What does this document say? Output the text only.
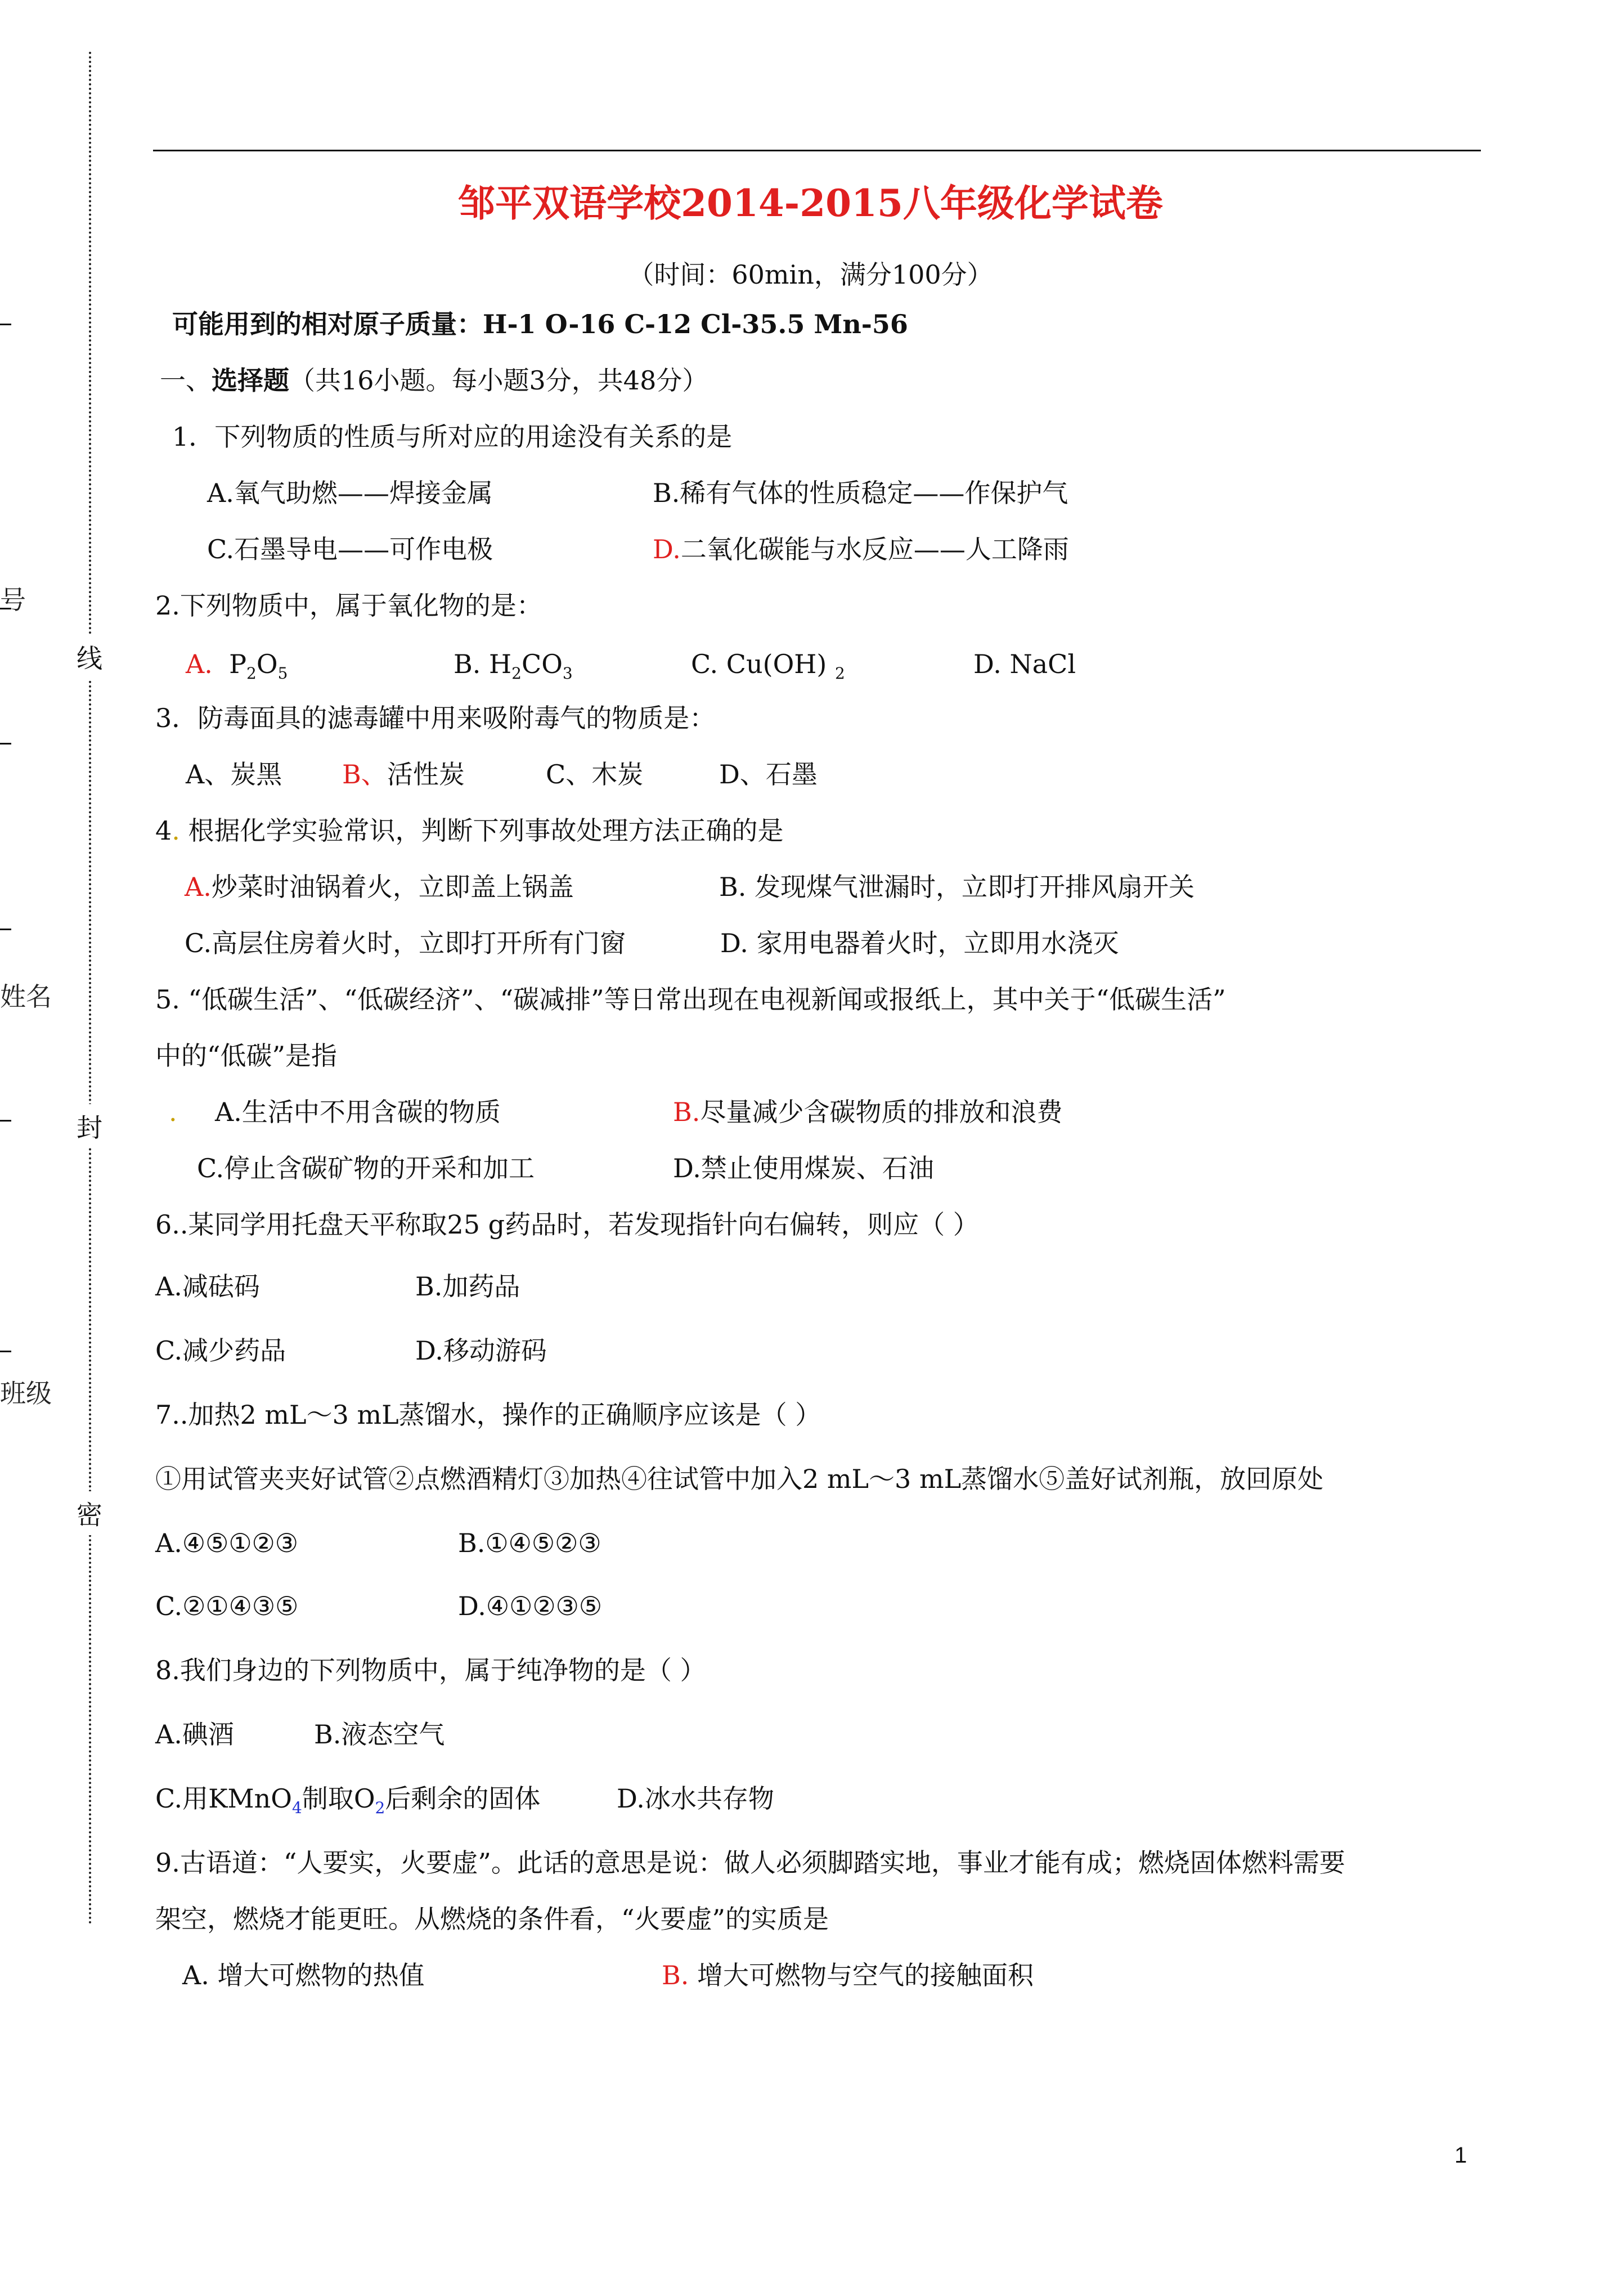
号
姓名
班级
线
封
密
邹平双语学校2014-2015八年级化学试卷
（时间：60min，满分100分）
可能用到的相对原子质量：H-1 O-16 C-12 Cl-35.5 Mn-56
一、选择题（共16小题。每小题3分，共48分）
1．下列物质的性质与所对应的用途没有关系的是
A.氧气助燃——焊接金属	B.稀有气体的性质稳定——作保护气
C.石墨导电——可作电极	D.二氧化碳能与水反应——人工降雨
2.下列物质中，属于氧化物的是：
A. $P_2O_5$	B. $H_2CO_3$	C. Cu(OH) $_2$	D. NaCl
3．防毒面具的滤毒罐中用来吸附毒气的物质是：
A、炭黑 B、活性炭	C、木炭	D、石墨
4. 根据化学实验常识，判断下列事故处理方法正确的是
A.炒菜时油锅着火，立即盖上锅盖	B. 发现煤气泄漏时，立即打开排风扇开关
C.高层住房着火时，立即打开所有门窗	D. 家用电器着火时，立即用水浇灭
5. “低碳生活”、“低碳经济”、“碳减排”等日常出现在电视新闻或报纸上，其中关于“低碳生活”
中的“低碳”是指
. A.生活中不用含碳的物质	B.尽量减少含碳物质的排放和浪费
C.停止含碳矿物的开采和加工	D.禁止使用煤炭、石油
6..某同学用托盘天平称取25 g药品时，若发现指针向右偏转，则应（ ）
A.减砝码	B.加药品
C.减少药品	D.移动游码
7..加热2 mL～3 mL蒸馏水，操作的正确顺序应该是（ ）
①用试管夹夹好试管②点燃酒精灯③加热④往试管中加入2 mL～3 mL蒸馏水⑤盖好试剂瓶，放回原处
A.④⑤①②③	B.①④⑤②③
C.②①④③⑤	D.④①②③⑤
8.我们身边的下列物质中，属于纯净物的是（ ）
A.碘酒	B.液态空气
C.用KMnO$_4$制取$O_2$后剩余的固体	D.冰水共存物
9.古语道：“人要实，火要虚”。此话的意思是说：做人必须脚踏实地，事业才能有成；燃烧固体燃料需要
架空，燃烧才能更旺。从燃烧的条件看，“火要虚”的实质是
A. 增大可燃物的热值	B. 增大可燃物与空气的接触面积
1
